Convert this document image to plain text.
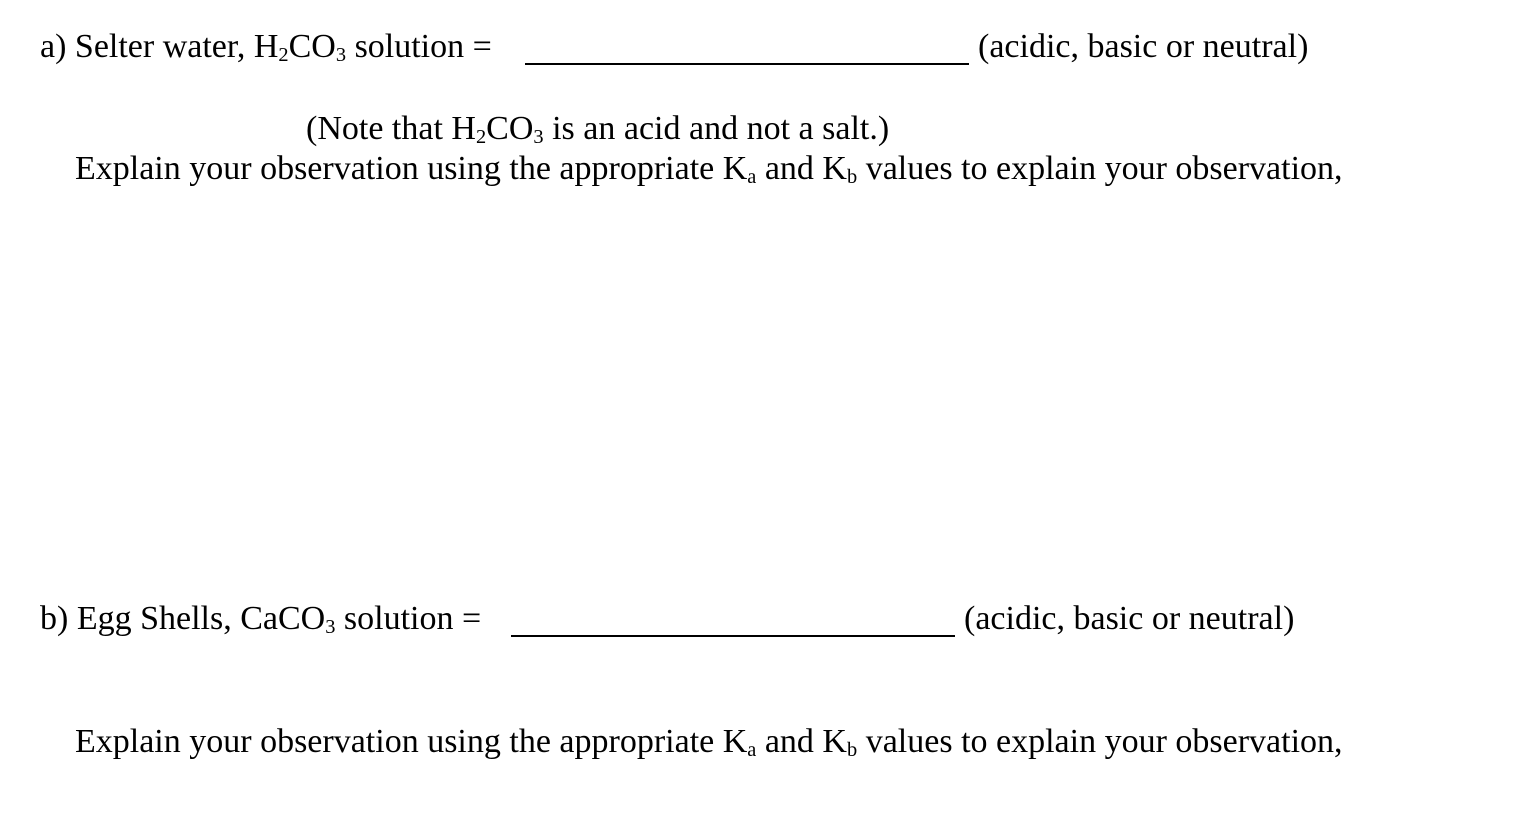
a) Selter water, $H_2CO_3$ solution =	(acidic, basic or neutral)
(Note that $H_2CO_3$ is an acid and not a salt.)
Explain your observation using the appropriate $K_a$ and $K_b$ values to explain your observation,
b) Egg Shells, CaCO$_3$ solution =	(acidic, basic or neutral)
Explain your observation using the appropriate $K_a$ and $K_b$ values to explain your observation,
